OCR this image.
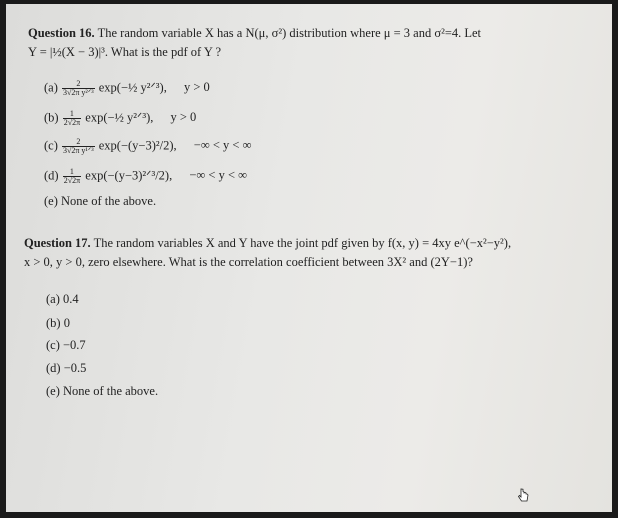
Question 16. The random variable X has a N(μ, σ²) distribution where μ = 3 and σ²=4. Let
Y = |½(X − 3)|³. What is the pdf of Y ?
$(a) \frac{2}{\text{3√2π y²ᐟ³}}$ exp(−½ y²ᐟ³), y > 0
$(b) \frac{1}{2√2\pi}$ exp(−½ y²ᐟ³), y > 0
$(c) \frac{2}{\text{3√2π y¹ᐟ³}} \exp(-(y-3)^2/2)$, −∞ < y < ∞
$(d) \frac{1}{2√2\pi}$ exp(−(y−3)²ᐟ³/2), −∞ < y < ∞
(e) None of the above.
Question 17. The random variables X and Y have the joint pdf given by f(x, y) = 4xy e^(−x²−y²),
x > 0, y > 0, zero elsewhere. What is the correlation coefficient between 3X² and (2Y−1)?
(a) 0.4
(b) 0
(c) −0.7
(d) −0.5
(e) None of the above.
